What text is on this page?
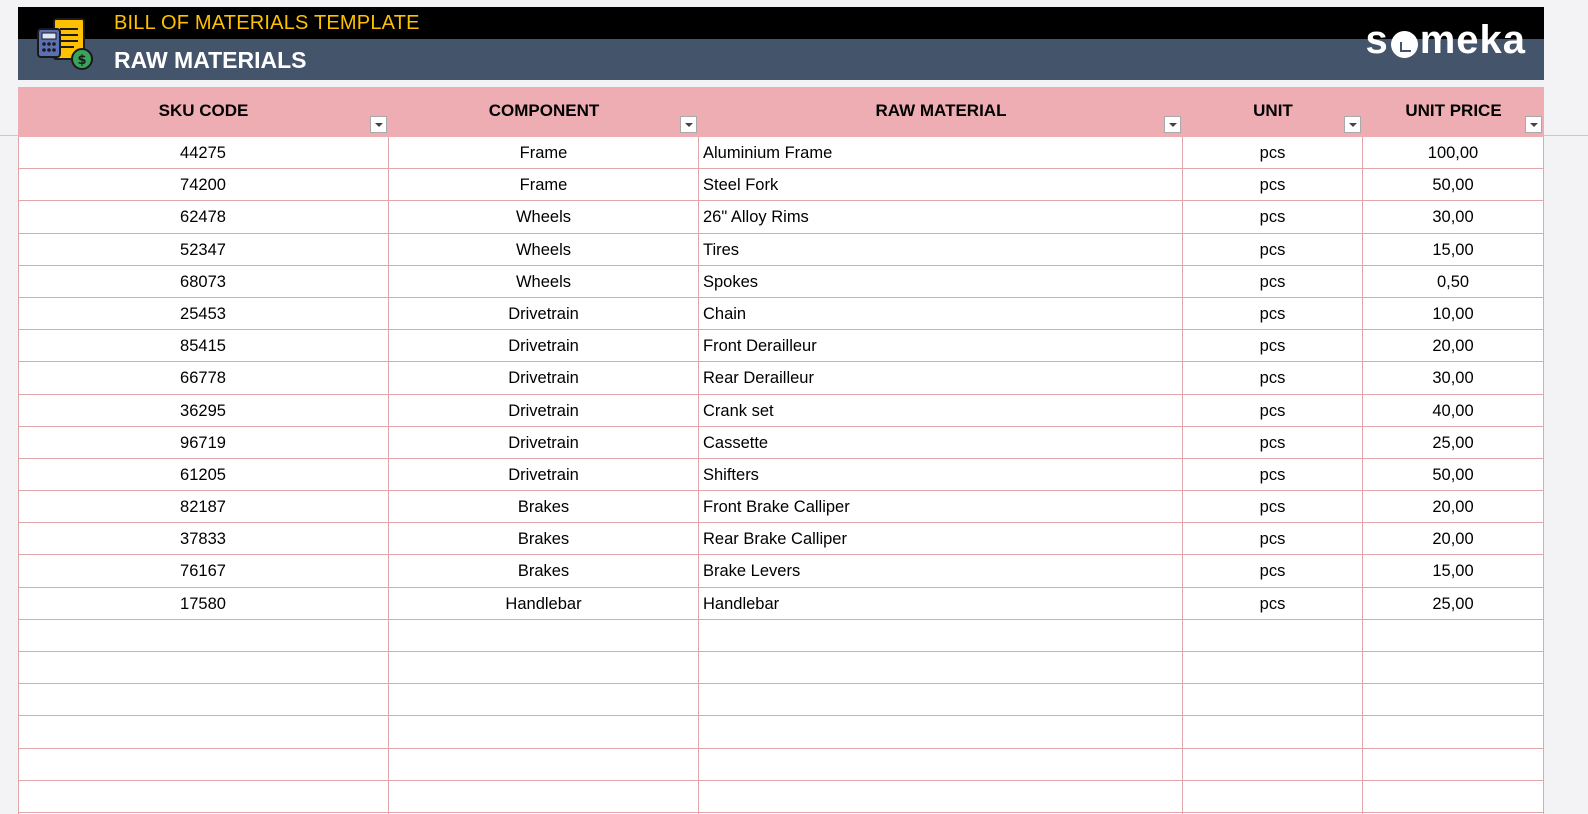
$
BILL OF MATERIALS TEMPLATE
RAW MATERIALS	s meka
SKU CODE	COMPONENT	RAW MATERIAL	UNIT	UNIT PRICE
44275	Frame	Aluminium Frame	pcs	100,00
74200	Frame	Steel Fork	pcs	50,00
62478	Wheels	26" Alloy Rims	pcs	30,00
52347	Wheels	Tires	pcs	15,00
68073	Wheels	Spokes	pcs	0,50
25453	Drivetrain	Chain	pcs	10,00
85415	Drivetrain	Front Derailleur	pcs	20,00
66778	Drivetrain	Rear Derailleur	pcs	30,00
36295	Drivetrain	Crank set	pcs	40,00
96719	Drivetrain	Cassette	pcs	25,00
61205	Drivetrain	Shifters	pcs	50,00
82187	Brakes	Front Brake Calliper	pcs	20,00
37833	Brakes	Rear Brake Calliper	pcs	20,00
76167	Brakes	Brake Levers	pcs	15,00
17580	Handlebar	Handlebar	pcs	25,00
